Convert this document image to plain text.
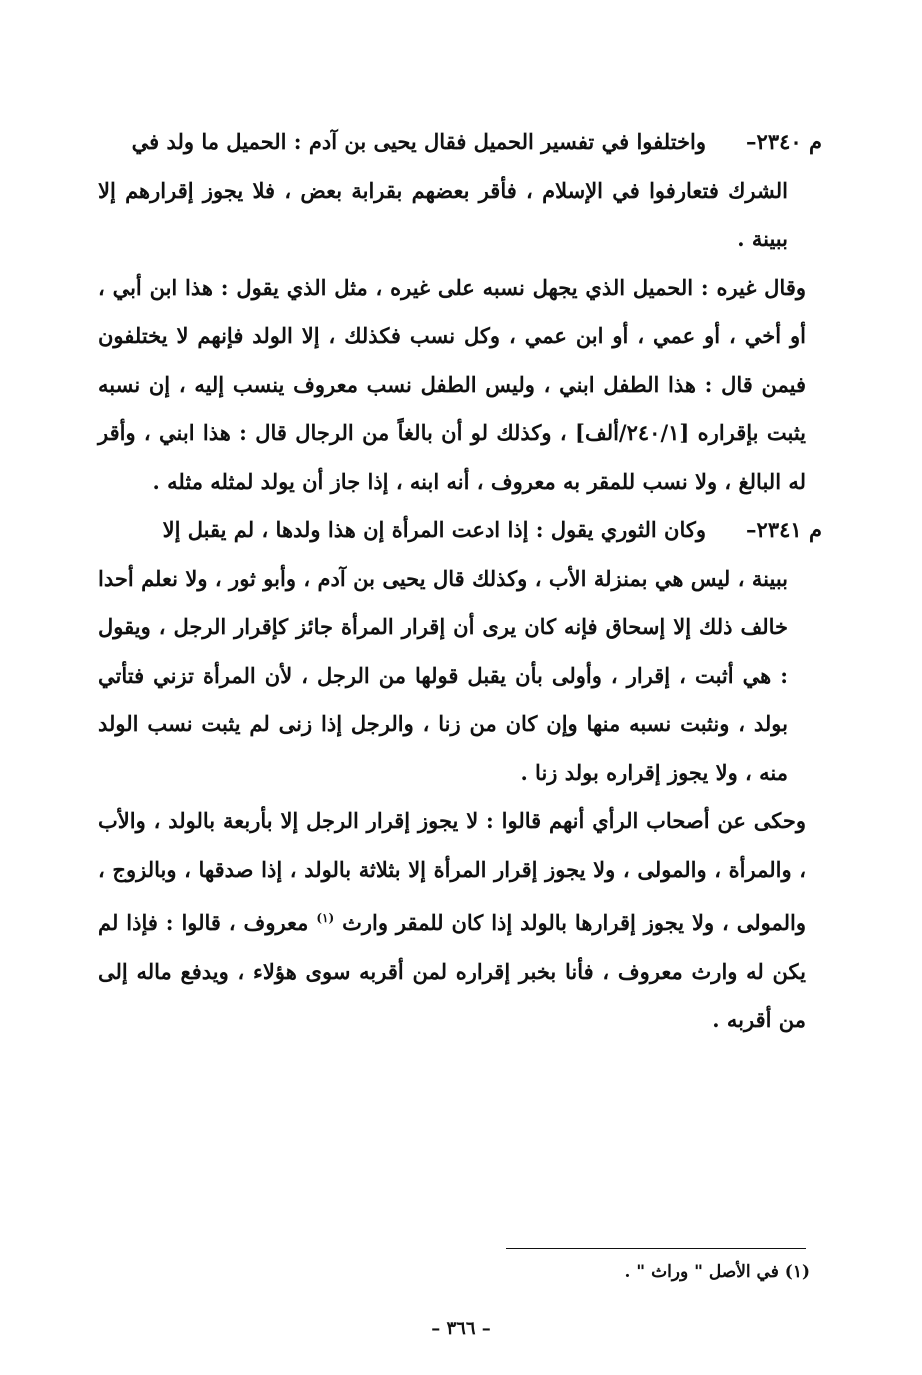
م ٢٣٤٠–
واختلفوا في تفسير الحميل فقال يحيى بن آدم : الحميل ما ولد في
الشرك فتعارفوا في الإسلام ، فأقر بعضهم بقرابة بعض ، فلا يجوز إقرارهم إلا ببينة .

وقال غيره : الحميل الذي يجهل نسبه على غيره ، مثل الذي يقول : هذا ابن أبي ، أو أخي ، أو عمي ، أو ابن عمي ، وكل نسب فكذلك ، إلا الولد فإنهم لا يختلفون فيمن قال : هذا الطفل ابني ، وليس الطفل نسب معروف ينسب إليه ، إن نسبه يثبت بإقراره [٢٤٠/١/ألف] ، وكذلك لو أن بالغاً من الرجال قال : هذا ابني ، وأقر له البالغ ، ولا نسب للمقر به معروف ، أنه ابنه ، إذا جاز أن يولد لمثله مثله .

م ٢٣٤١–
وكان الثوري يقول : إذا ادعت المرأة إن هذا ولدها ، لم يقبل إلا
ببينة ، ليس هي بمنزلة الأب ، وكذلك قال يحيى بن آدم ، وأبو ثور ، ولا نعلم أحدا خالف ذلك إلا إسحاق فإنه كان يرى أن إقرار المرأة جائز كإقرار الرجل ، ويقول : هي أثبت ، إقرار ، وأولى بأن يقبل قولها من الرجل ، لأن المرأة تزني فتأتي بولد ، ونثبت نسبه منها وإن كان من زنا ، والرجل إذا زنى لم يثبت نسب الولد منه ، ولا يجوز إقراره بولد زنا .

وحكى عن أصحاب الرأي أنهم قالوا : لا يجوز إقرار الرجل إلا بأربعة بالولد ، والأب ، والمرأة ، والمولى ، ولا يجوز إقرار المرأة إلا بثلاثة بالولد ، إذا صدقها ، وبالزوج ، والمولى ، ولا يجوز إقرارها بالولد إذا كان للمقر وارث $^{(١)}$ معروف ، قالوا : فإذا لم يكن له وارث معروف ، فأنا بخبر إقراره لمن أقربه سوى هؤلاء ، ويدفع ماله إلى من أقربه .

(١) في الأصل " وراث " .
– ٣٦٦ –
